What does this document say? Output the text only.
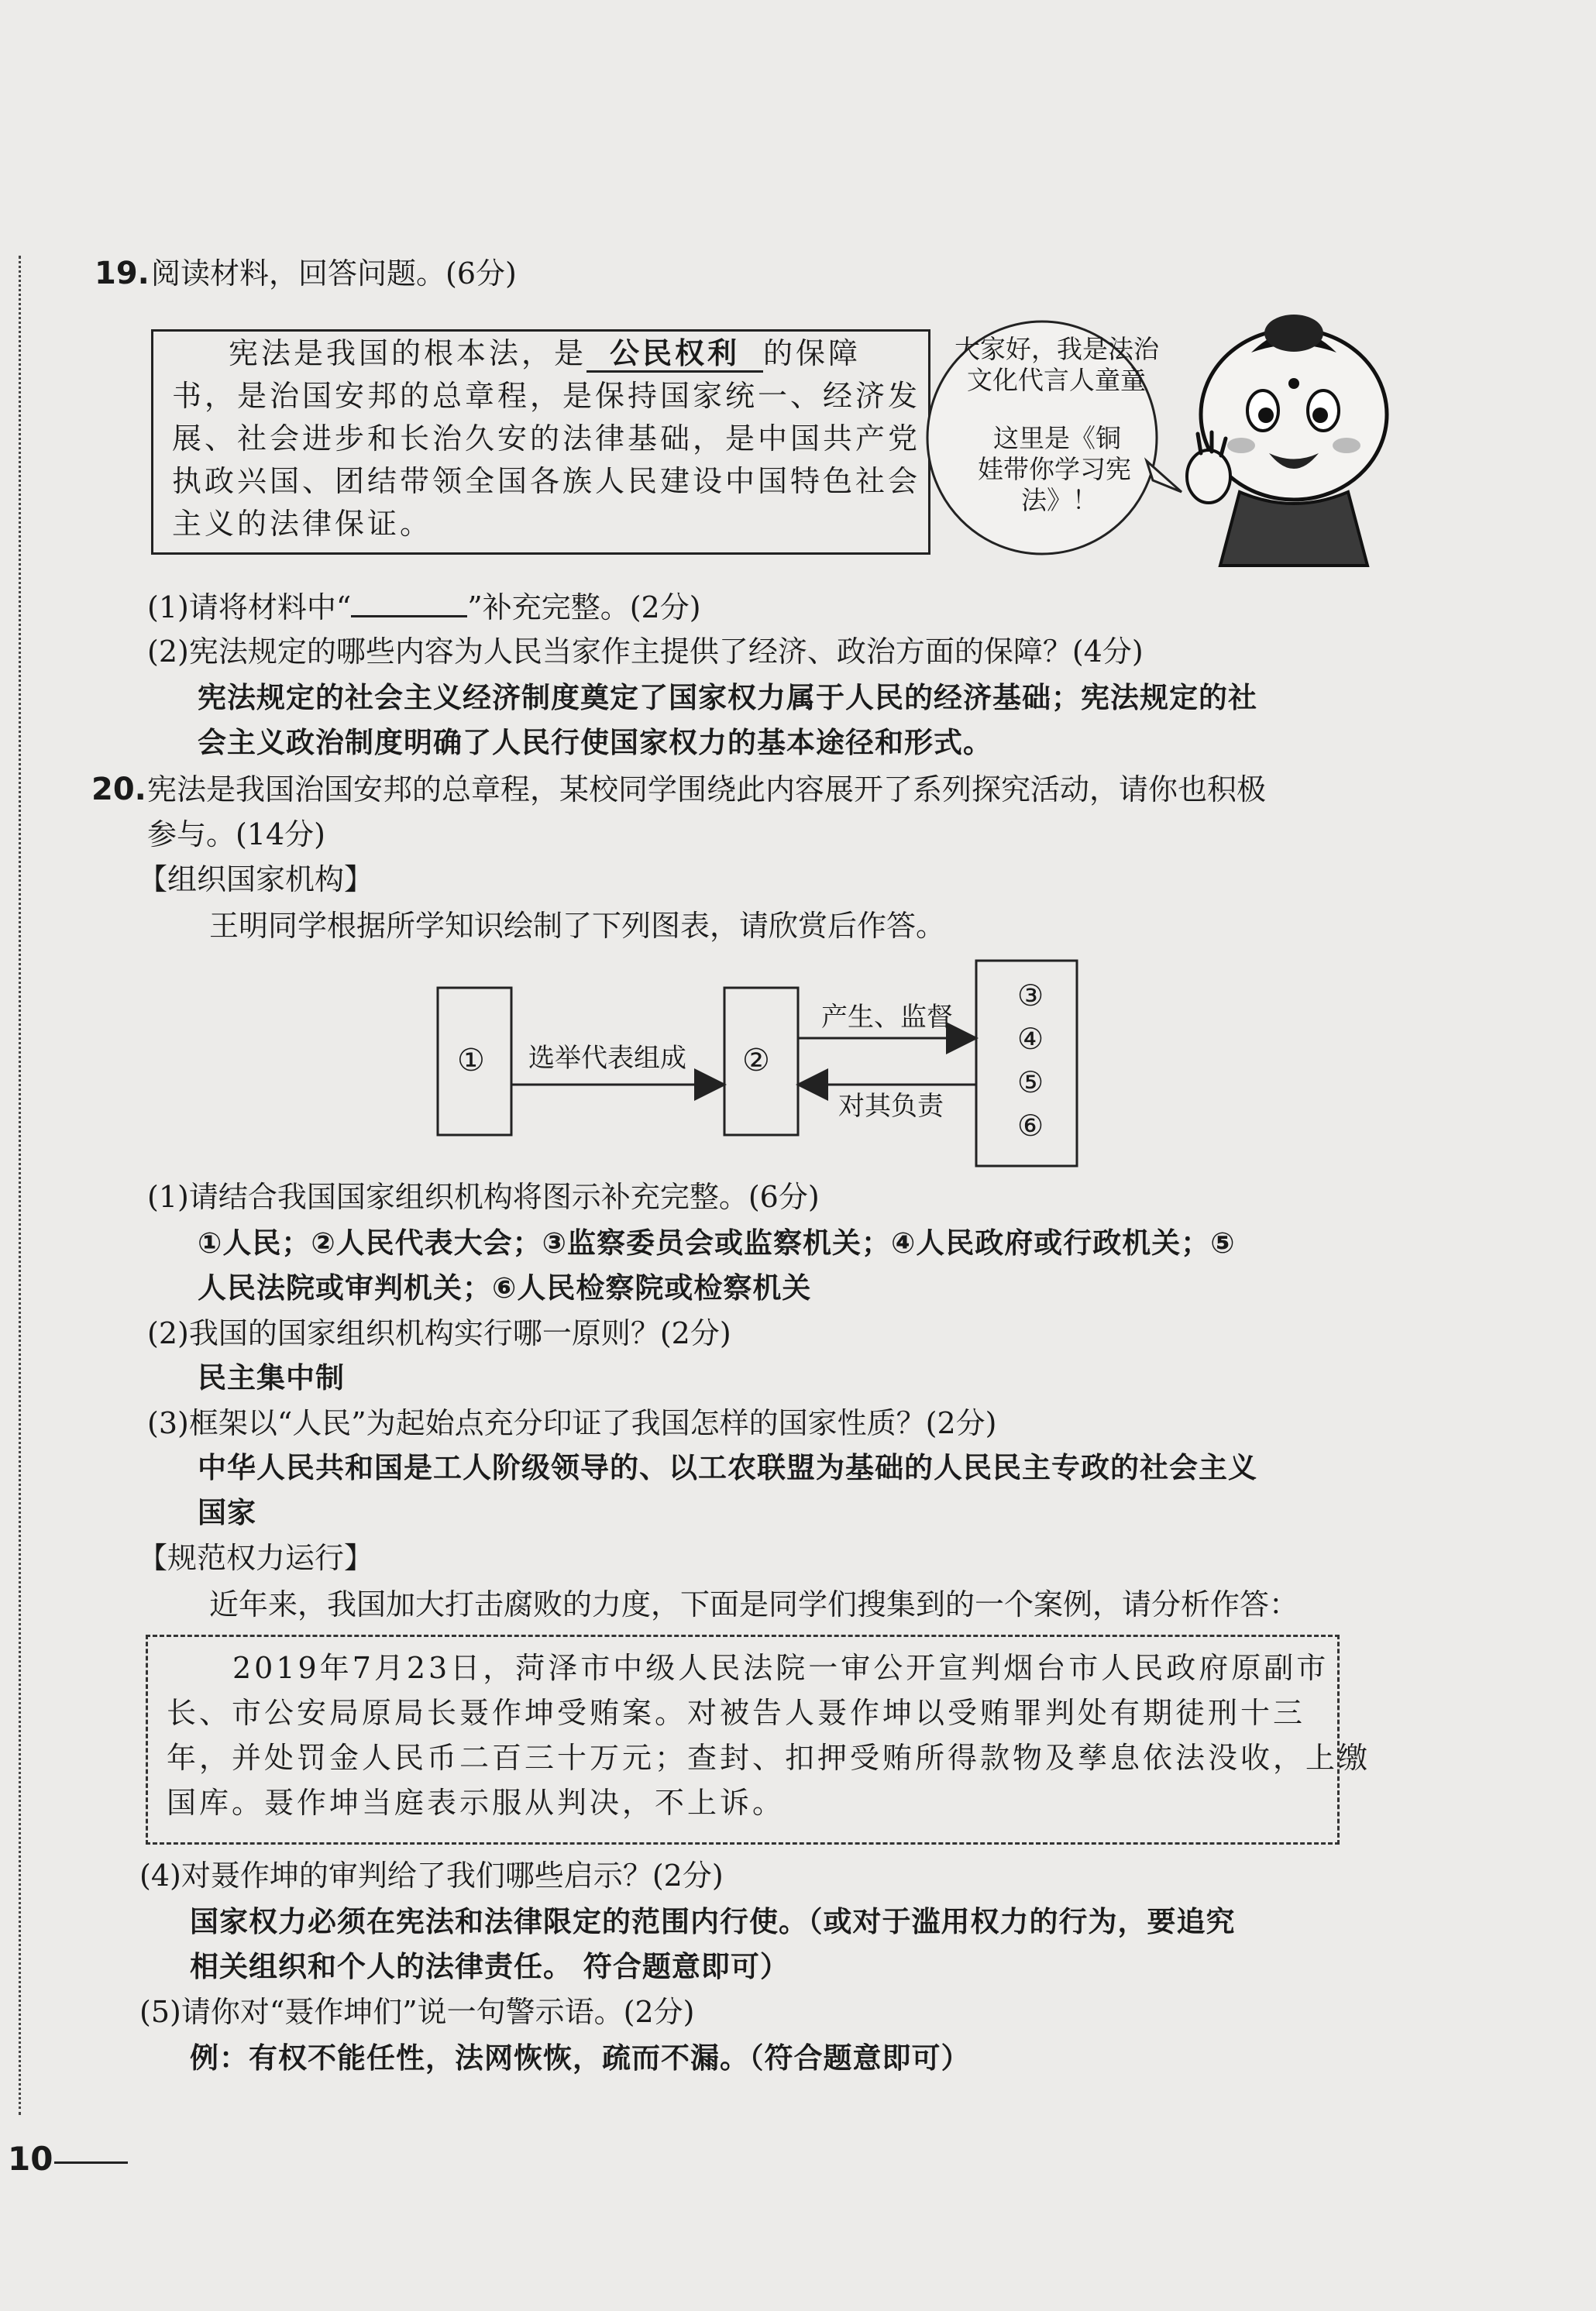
19. 阅读材料，回答问题。(6分)
宪法是我国的根本法，是 公民权利 的保障
书，是治国安邦的总章程，是保持国家统一、经济发
展、社会进步和长治久安的法律基础，是中国共产党
执政兴国、团结带领全国各族人民建设中国特色社会
主义的法律保证。
大家好，我是法治
文化代言人童童
这里是《铜
娃带你学习宪
法》！
(1)请将材料中“	”补充完整。(2分)
(2)宪法规定的哪些内容为人民当家作主提供了经济、政治方面的保障？(4分)
宪法规定的社会主义经济制度奠定了国家权力属于人民的经济基础；宪法规定的社
会主义政治制度明确了人民行使国家权力的基本途径和形式。
20. 宪法是我国治国安邦的总章程，某校同学围绕此内容展开了系列探究活动，请你也积极
参与。(14分)
【组织国家机构】
王明同学根据所学知识绘制了下列图表，请欣赏后作答。
①	②
③
④
⑤
⑥
选举代表组成
产生、监督
对其负责
(1)请结合我国国家组织机构将图示补充完整。(6分)
①人民；②人民代表大会；③监察委员会或监察机关；④人民政府或行政机关；⑤
人民法院或审判机关；⑥人民检察院或检察机关
(2)我国的国家组织机构实行哪一原则？(2分)
民主集中制
(3)框架以“人民”为起始点充分印证了我国怎样的国家性质？(2分)
中华人民共和国是工人阶级领导的、以工农联盟为基础的人民民主专政的社会主义
国家
【规范权力运行】
近年来，我国加大打击腐败的力度，下面是同学们搜集到的一个案例，请分析作答：
2019年7月23日，菏泽市中级人民法院一审公开宣判烟台市人民政府原副市
长、市公安局原局长聂作坤受贿案。对被告人聂作坤以受贿罪判处有期徒刑十三
年，并处罚金人民币二百三十万元；查封、扣押受贿所得款物及孳息依法没收，上缴
国库。聂作坤当庭表示服从判决，不上诉。
(4)对聂作坤的审判给了我们哪些启示？(2分)
国家权力必须在宪法和法律限定的范围内行使。（或对于滥用权力的行为，要追究
相关组织和个人的法律责任。 符合题意即可）
(5)请你对“聂作坤们”说一句警示语。(2分)
例：有权不能任性，法网恢恢，疏而不漏。（符合题意即可）
10
